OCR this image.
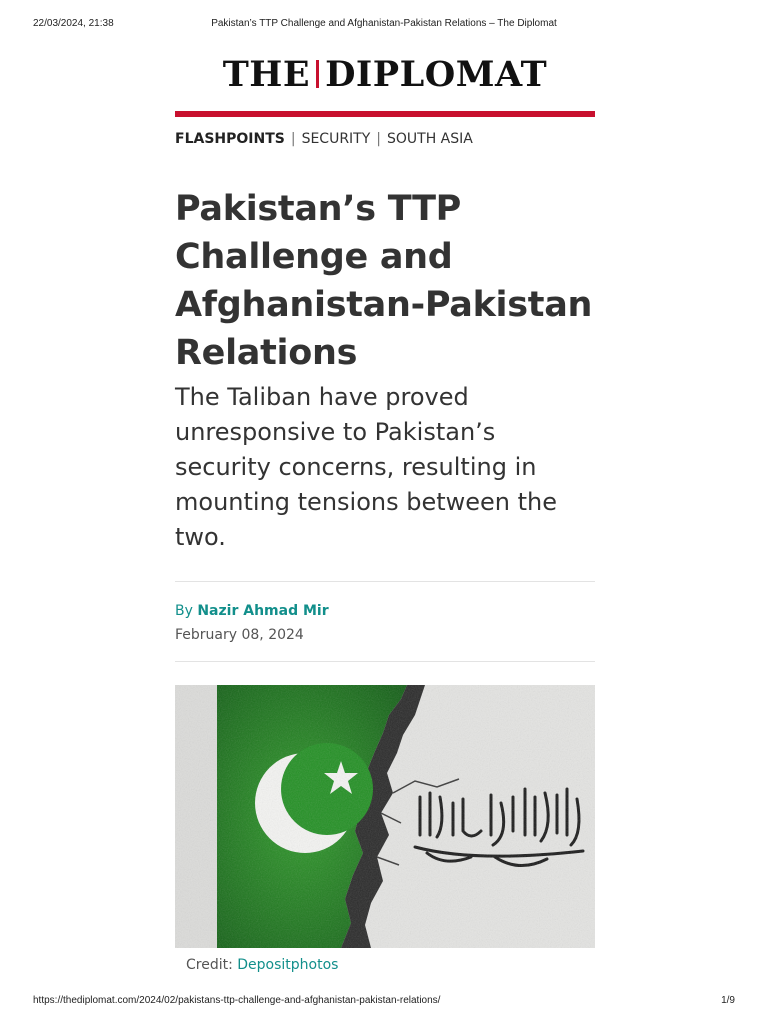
22/03/2024, 21:38	Pakistan’s TTP Challenge and Afghanistan-Pakistan Relations – The Diplomat
THE DIPLOMAT
FLASHPOINTS | SECURITY | SOUTH ASIA
Pakistan’s TTP Challenge and Afghanistan-Pakistan Relations

The Taliban have proved unresponsive to Pakistan’s security concerns, resulting in mounting tensions between the two.

By Nazir Ahmad Mir
February 08, 2024
Credit: Depositphotos
https://thediplomat.com/2024/02/pakistans-ttp-challenge-and-afghanistan-pakistan-relations/	1/9
